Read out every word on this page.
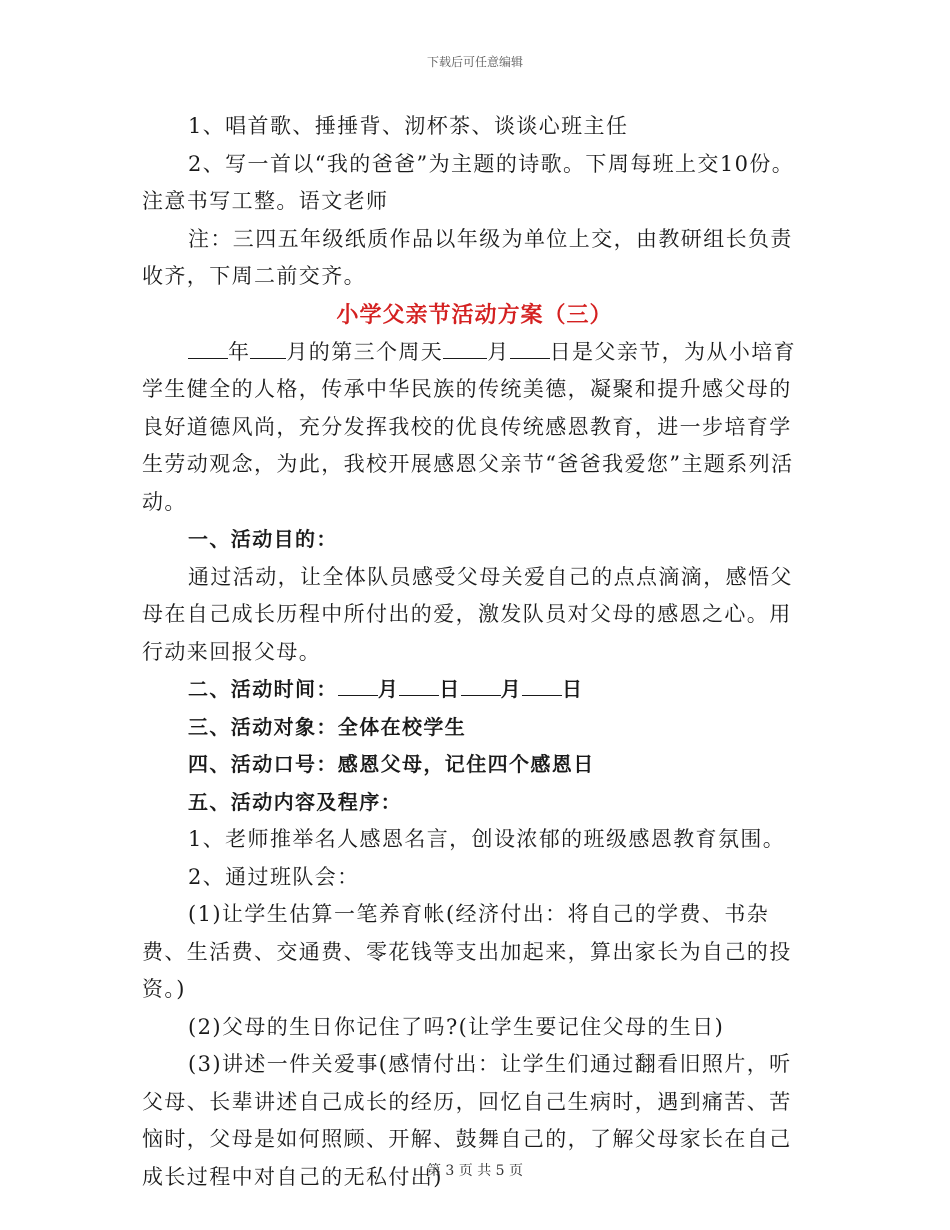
下载后可任意编辑

1、唱首歌、捶捶背、沏杯茶、谈谈心班主任

2、写一首以“我的爸爸”为主题的诗歌。下周每班上交10份。注意书写工整。语文老师

注：三四五年级纸质作品以年级为单位上交，由教研组长负责收齐，下周二前交齐。

小学父亲节活动方案（三）

年 月的第三个周天 月 日是父亲节，为从小培育学生健全的人格，传承中华民族的传统美德，凝聚和提升感父母的良好道德风尚，充分发挥我校的优良传统感恩教育，进一步培育学生劳动观念，为此，我校开展感恩父亲节“爸爸我爱您”主题系列活动。

一、活动目的：

通过活动，让全体队员感受父母关爱自己的点点滴滴，感悟父母在自己成长历程中所付出的爱，激发队员对父母的感恩之心。用行动来回报父母。

二、活动时间： 月 日 月 日

三、活动对象：全体在校学生

四、活动口号：感恩父母，记住四个感恩日

五、活动内容及程序：

1、老师推举名人感恩名言，创设浓郁的班级感恩教育氛围。

2、通过班队会：

(1)让学生估算一笔养育帐(经济付出：将自己的学费、书杂费、生活费、交通费、零花钱等支出加起来，算出家长为自己的投资。)

(2)父母的生日你记住了吗?(让学生要记住父母的生日)

(3)讲述一件关爱事(感情付出：让学生们通过翻看旧照片，听父母、长辈讲述自己成长的经历，回忆自己生病时，遇到痛苦、苦恼时，父母是如何照顾、开解、鼓舞自己的，了解父母家长在自己成长过程中对自己的无私付出)

第 3 页 共 5 页
